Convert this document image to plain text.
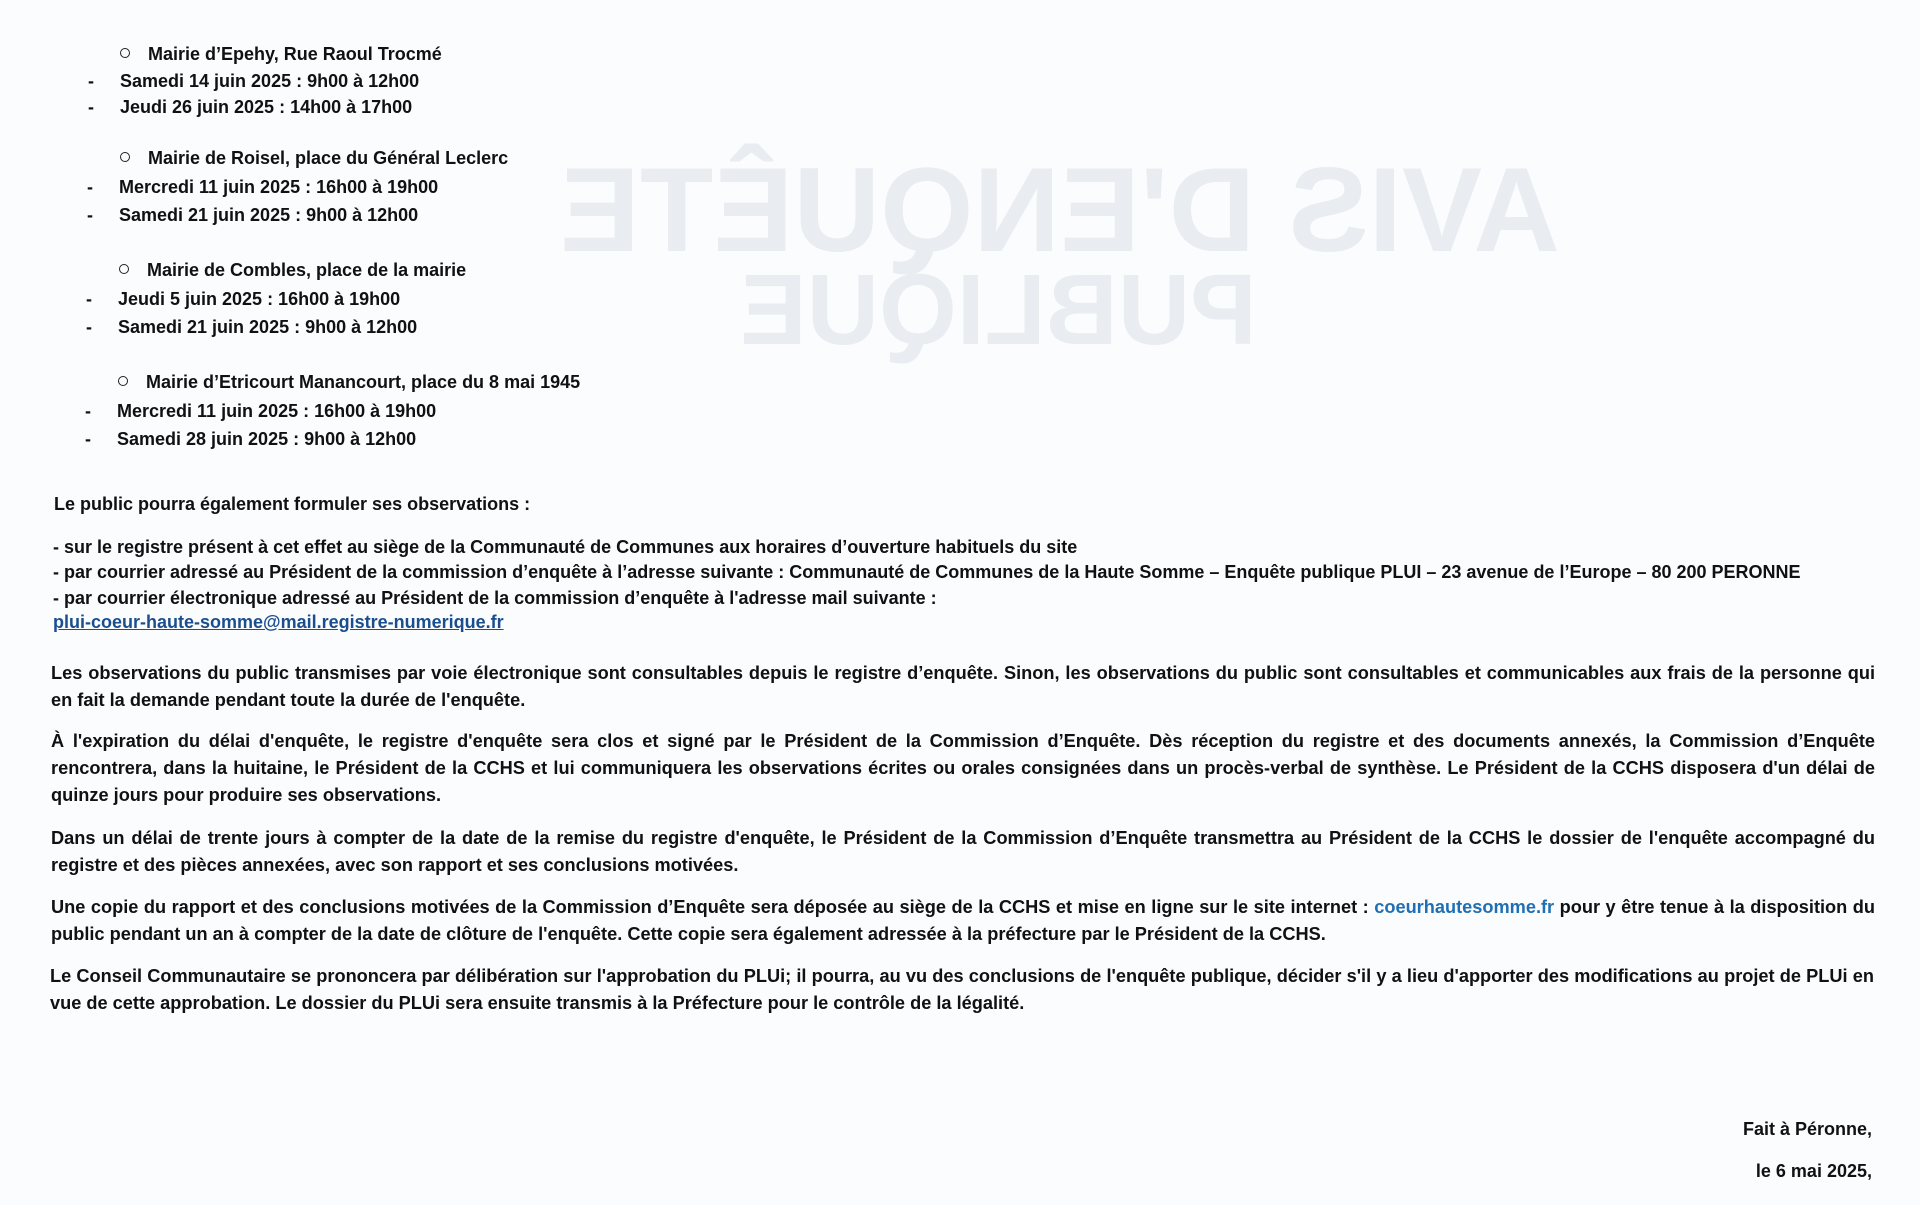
AVIS D'ENQUÊTE
PUBLIQUE
Mairie d’Epehy, Rue Raoul Trocmé
- Samedi 14 juin 2025 : 9h00 à 12h00
- Jeudi 26 juin 2025 : 14h00 à 17h00
Mairie de Roisel, place du Général Leclerc
- Mercredi 11 juin 2025 : 16h00 à 19h00
- Samedi 21 juin 2025 : 9h00 à 12h00
Mairie de Combles, place de la mairie
- Jeudi 5 juin 2025 : 16h00 à 19h00
- Samedi 21 juin 2025 : 9h00 à 12h00
Mairie d’Etricourt Manancourt, place du 8 mai 1945
- Mercredi 11 juin 2025 : 16h00 à 19h00
- Samedi 28 juin 2025 : 9h00 à 12h00
Le public pourra également formuler ses observations :
- sur le registre présent à cet effet au siège de la Communauté de Communes aux horaires d’ouverture habituels du site
- par courrier adressé au Président de la commission d’enquête à l’adresse suivante : Communauté de Communes de la Haute Somme – Enquête publique PLUI – 23 avenue de l’Europe – 80 200 PERONNE
- par courrier électronique adressé au Président de la commission d’enquête à l'adresse mail suivante :
plui-coeur-haute-somme@mail.registre-numerique.fr
Les observations du public transmises par voie électronique sont consultables depuis le registre d’enquête. Sinon, les observations du public sont consultables et communicables aux frais de la personne qui en fait la demande pendant toute la durée de l'enquête.
À l'expiration du délai d'enquête, le registre d'enquête sera clos et signé par le Président de la Commission d’Enquête. Dès réception du registre et des documents annexés, la Commission d’Enquête rencontrera, dans la huitaine, le Président de la CCHS et lui communiquera les observations écrites ou orales consignées dans un procès-verbal de synthèse. Le Président de la CCHS disposera d'un délai de quinze jours pour produire ses observations.
Dans un délai de trente jours à compter de la date de la remise du registre d'enquête, le Président de la Commission d’Enquête transmettra au Président de la CCHS le dossier de l'enquête accompagné du registre et des pièces annexées, avec son rapport et ses conclusions motivées.
Une copie du rapport et des conclusions motivées de la Commission d’Enquête sera déposée au siège de la CCHS et mise en ligne sur le site internet : coeurhautesomme.fr pour y être tenue à la disposition du public pendant un an à compter de la date de clôture de l'enquête. Cette copie sera également adressée à la préfecture par le Président de la CCHS.
Le Conseil Communautaire se prononcera par délibération sur l'approbation du PLUi; il pourra, au vu des conclusions de l'enquête publique, décider s'il y a lieu d'apporter des modifications au projet de PLUi en vue de cette approbation. Le dossier du PLUi sera ensuite transmis à la Préfecture pour le contrôle de la légalité.
Fait à Péronne,
le 6 mai 2025,
